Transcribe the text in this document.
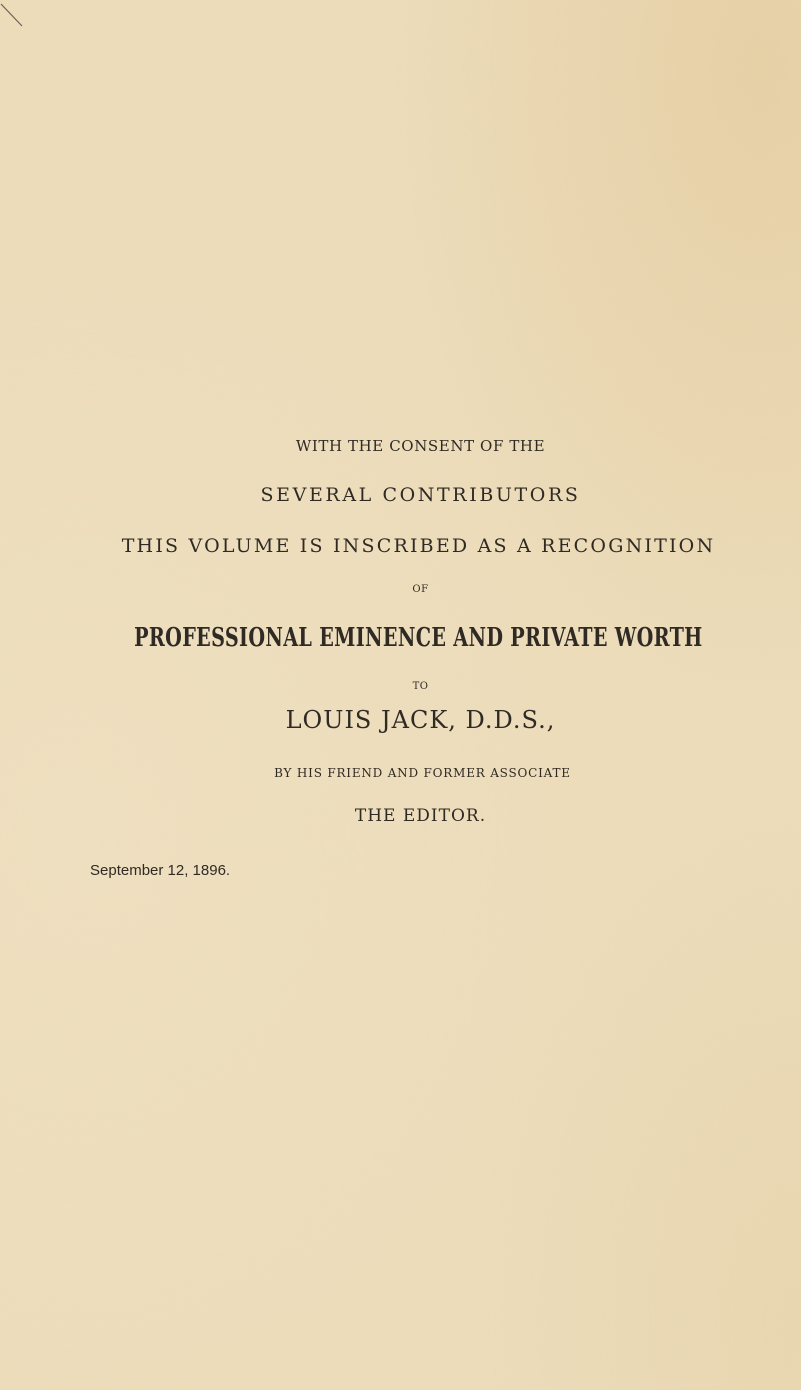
WITH THE CONSENT OF THE
SEVERAL CONTRIBUTORS
THIS VOLUME IS INSCRIBED AS A RECOGNITION
OF
PROFESSIONAL EMINENCE AND PRIVATE WORTH
TO
LOUIS JACK, D.D.S.,
BY HIS FRIEND AND FORMER ASSOCIATE
THE EDITOR.
September 12, 1896.
